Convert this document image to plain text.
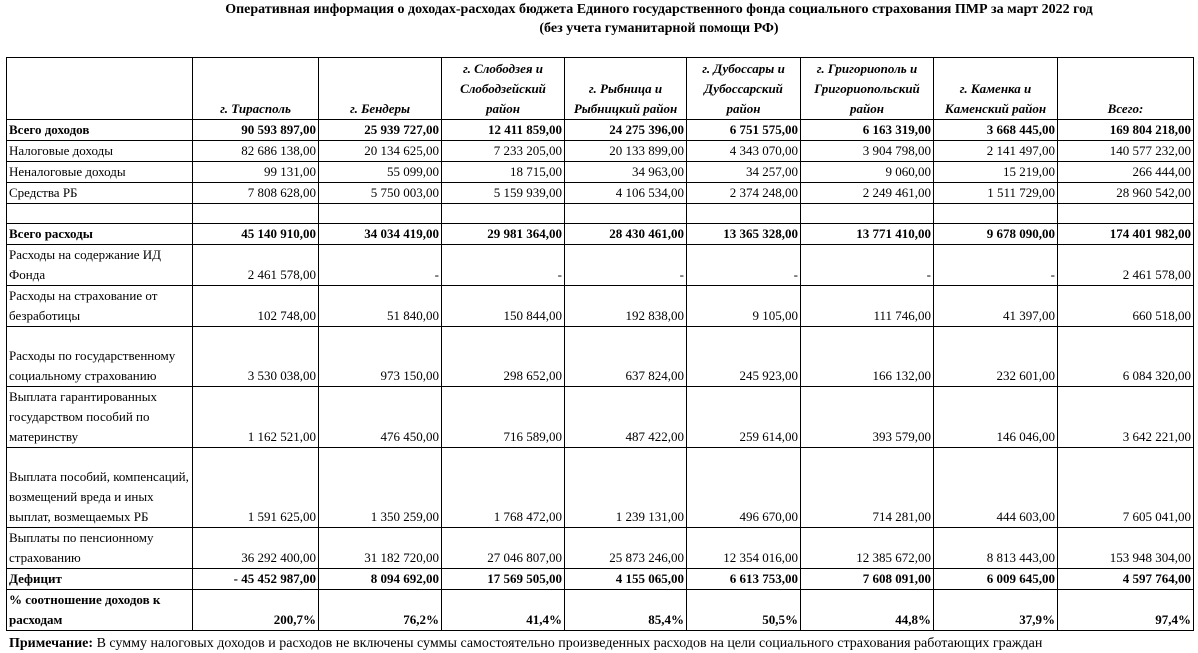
Оперативная информация о доходах-расходах бюджета Единого государственного фонда социального страхования ПМР за март 2022 год
(без учета гуманитарной помощи РФ)
	г. Тирасполь	г. Бендеры	г. Слободзея и Слободзейский район	г. Рыбница и Рыбницкий район	г. Дубоссары и Дубоссарский район	г. Григориополь и Григориопольский район	г. Каменка и Каменский район	Всего:
Всего доходов	90 593 897,00	25 939 727,00	12 411 859,00	24 275 396,00	6 751 575,00	6 163 319,00	3 668 445,00	169 804 218,00
Налоговые доходы	82 686 138,00	20 134 625,00	7 233 205,00	20 133 899,00	4 343 070,00	3 904 798,00	2 141 497,00	140 577 232,00
Неналоговые доходы	99 131,00	55 099,00	18 715,00	34 963,00	34 257,00	9 060,00	15 219,00	266 444,00
Средства РБ	7 808 628,00	5 750 003,00	5 159 939,00	4 106 534,00	2 374 248,00	2 249 461,00	1 511 729,00	28 960 542,00

Всего расходы	45 140 910,00	34 034 419,00	29 981 364,00	28 430 461,00	13 365 328,00	13 771 410,00	9 678 090,00	174 401 982,00
Расходы на содержание ИД Фонда	2 461 578,00	-	-	-	-	-	-	2 461 578,00
Расходы на страхование от безработицы	102 748,00	51 840,00	150 844,00	192 838,00	9 105,00	111 746,00	41 397,00	660 518,00
Расходы по государственному социальному страхованию	3 530 038,00	973 150,00	298 652,00	637 824,00	245 923,00	166 132,00	232 601,00	6 084 320,00
Выплата гарантированных государством пособий по материнству	1 162 521,00	476 450,00	716 589,00	487 422,00	259 614,00	393 579,00	146 046,00	3 642 221,00
Выплата пособий, компенсаций, возмещений вреда и иных выплат, возмещаемых РБ	1 591 625,00	1 350 259,00	1 768 472,00	1 239 131,00	496 670,00	714 281,00	444 603,00	7 605 041,00
Выплаты по пенсионному страхованию	36 292 400,00	31 182 720,00	27 046 807,00	25 873 246,00	12 354 016,00	12 385 672,00	8 813 443,00	153 948 304,00
Дефицит	- 45 452 987,00	8 094 692,00	17 569 505,00	4 155 065,00	6 613 753,00	7 608 091,00	6 009 645,00	4 597 764,00
% соотношение доходов к расходам	200,7%	76,2%	41,4%	85,4%	50,5%	44,8%	37,9%	97,4%
Примечание: В сумму налоговых доходов и расходов не включены суммы самостоятельно произведенных расходов на цели социального страхования работающих граждан
